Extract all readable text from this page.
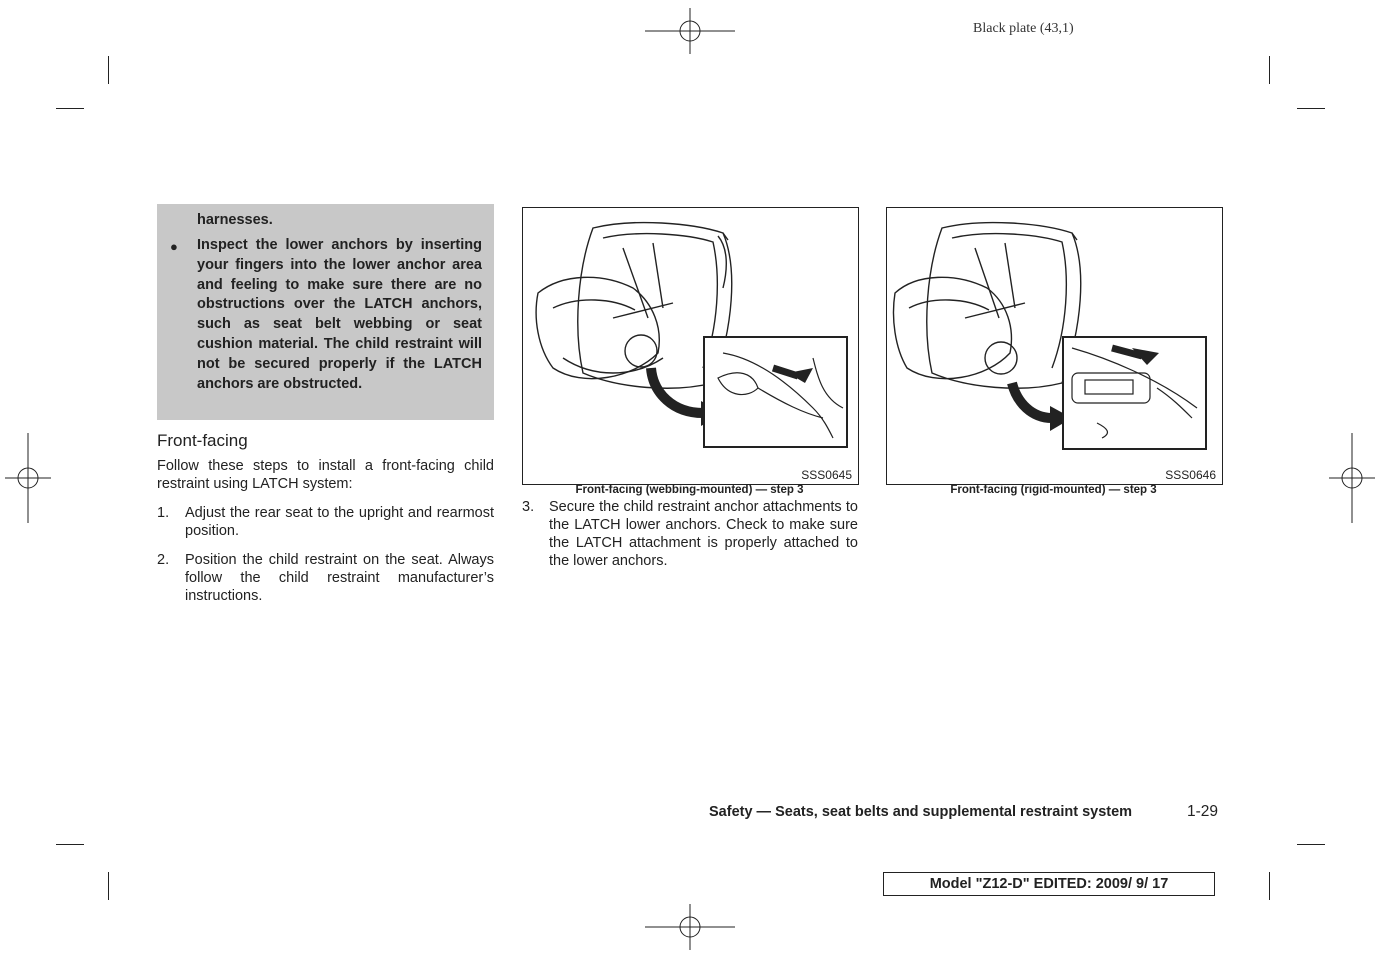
Black plate (43,1)
harnesses.
● Inspect the lower anchors by inserting your fingers into the lower anchor area and feeling to make sure there are no obstructions over the LATCH anchors, such as seat belt webbing or seat cushion material. The child restraint will not be secured properly if the LATCH anchors are obstructed.
Front-facing
Follow these steps to install a front-facing child restraint using LATCH system:
1. Adjust the rear seat to the upright and rearmost position.
2. Position the child restraint on the seat. Always follow the child restraint manufacturer’s instructions.
SSS0645
Front-facing (webbing-mounted) — step 3
3. Secure the child restraint anchor attachments to the LATCH lower anchors. Check to make sure the LATCH attachment is properly attached to the lower anchors.
SSS0646
Front-facing (rigid-mounted) — step 3
Safety — Seats, seat belts and supplemental restraint system	1-29
Model "Z12-D" EDITED: 2009/ 9/ 17
